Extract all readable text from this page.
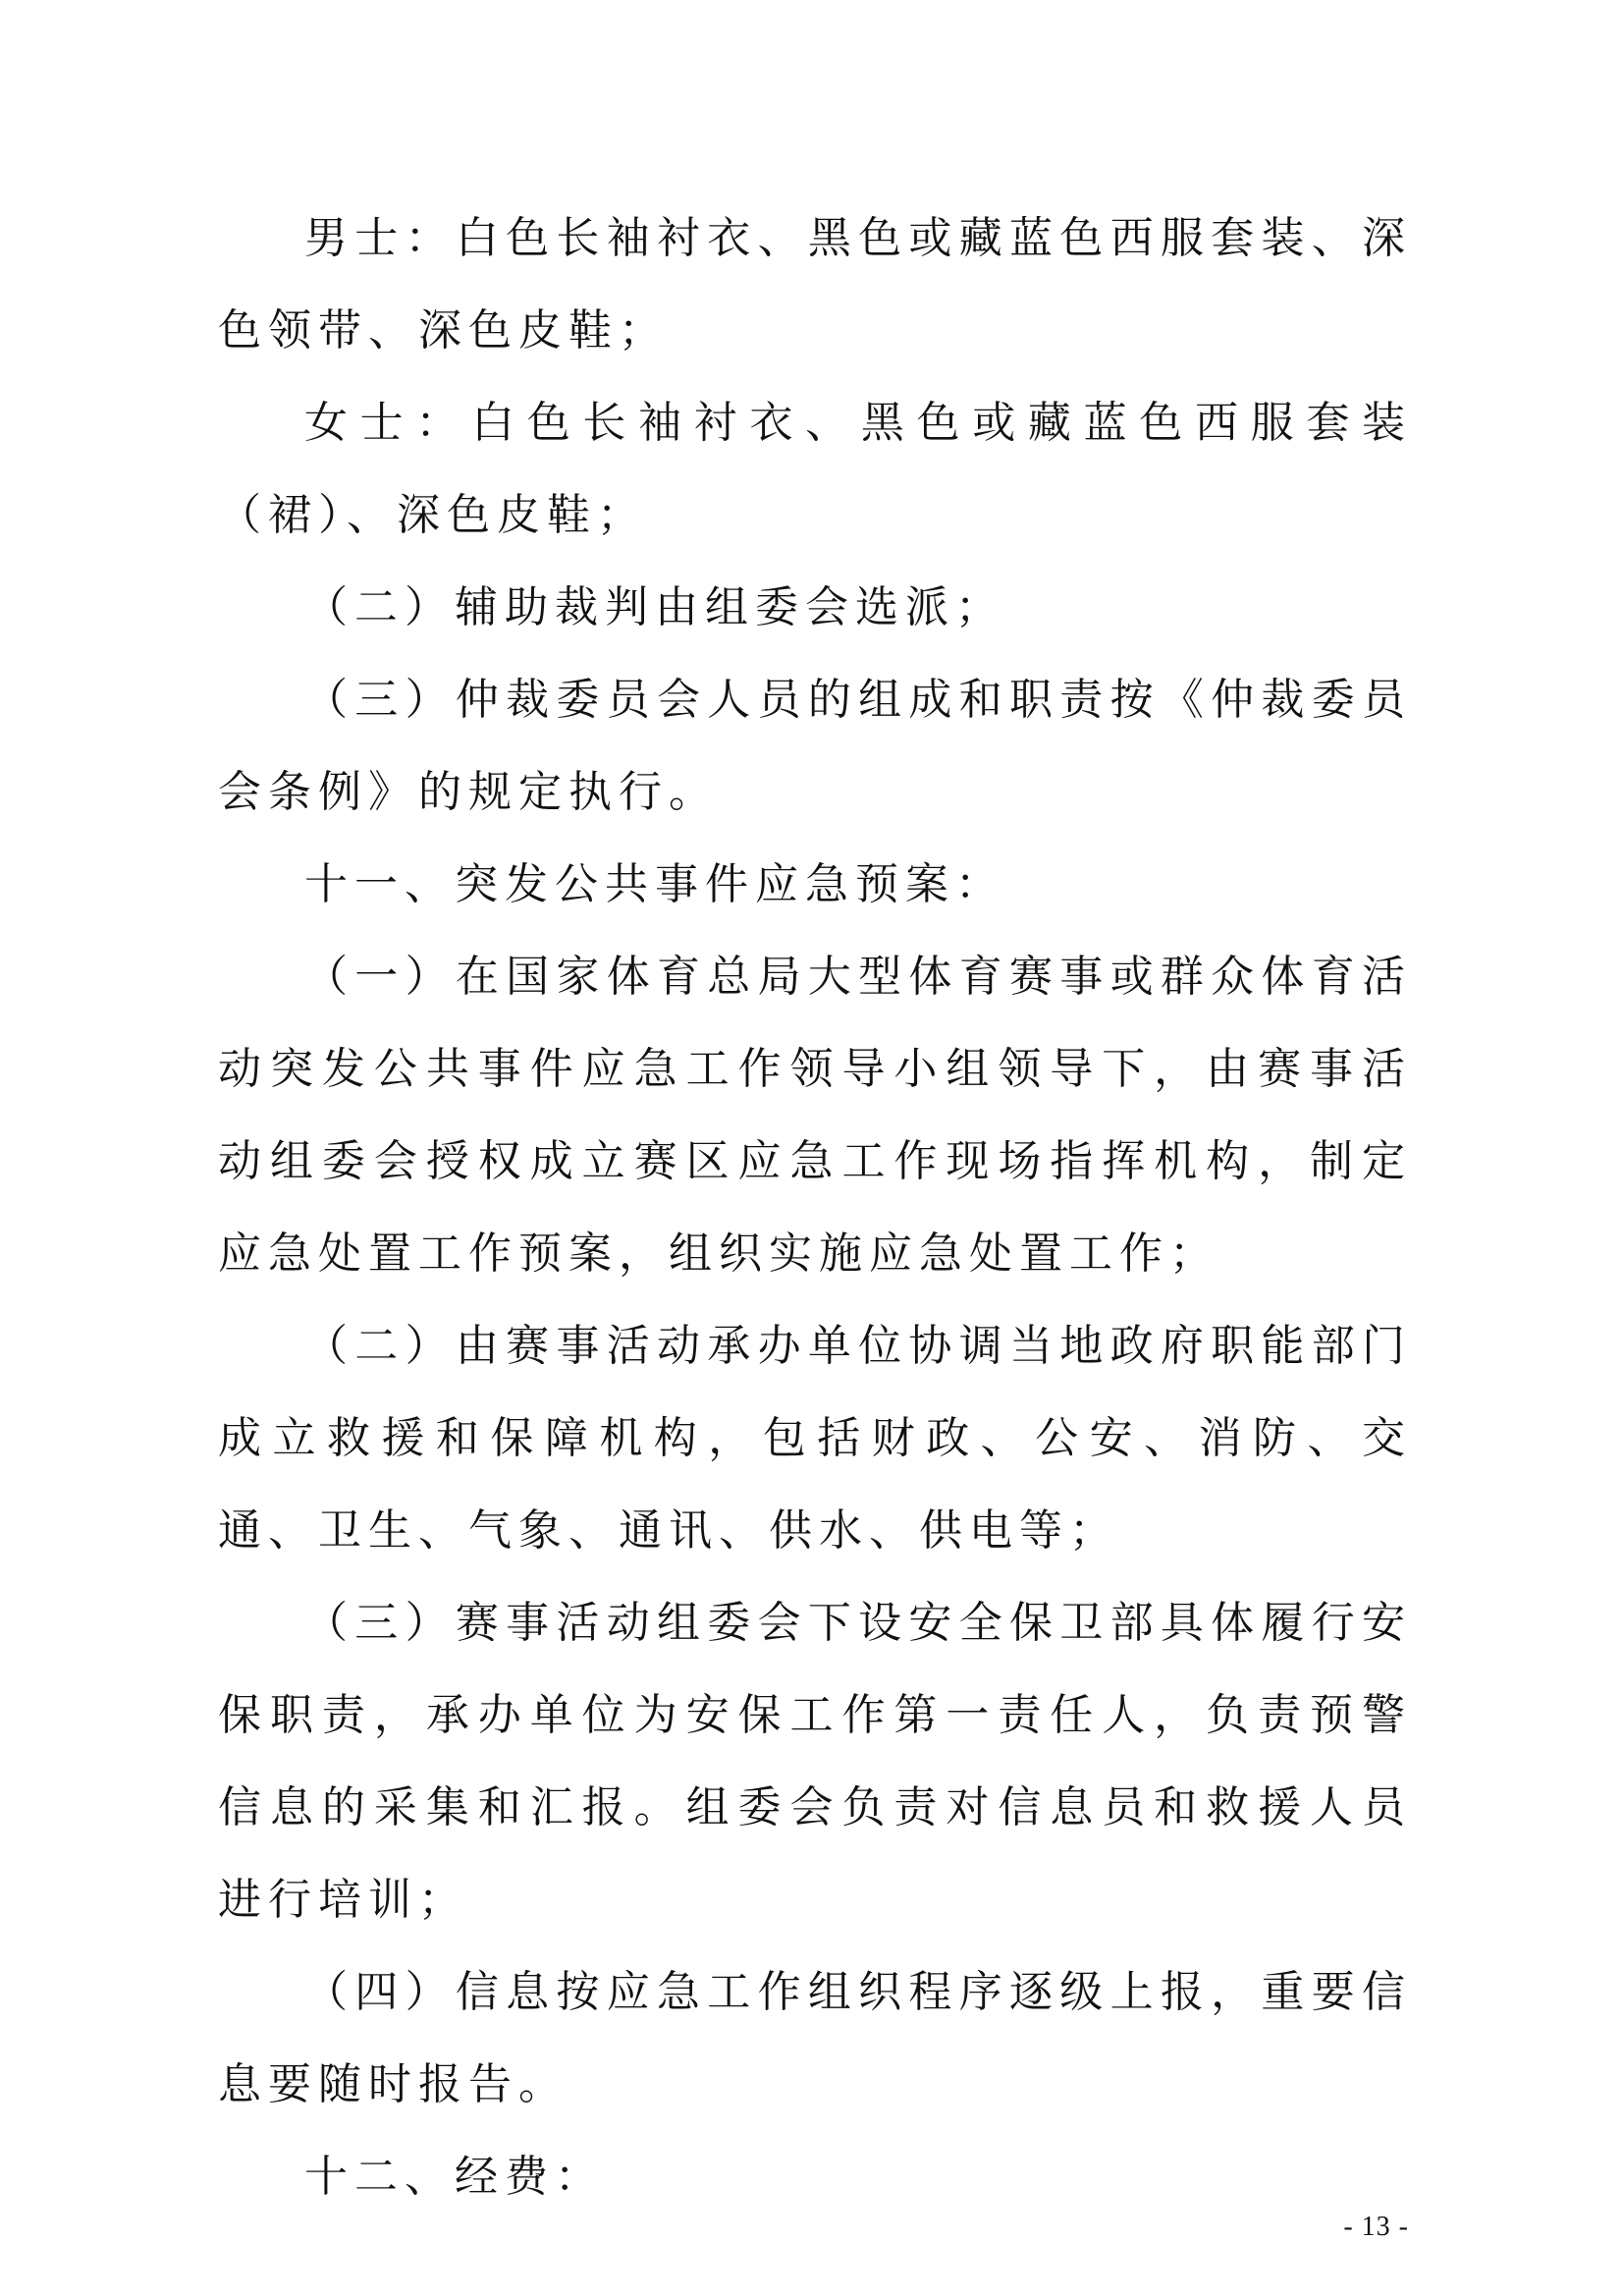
男士：白色长袖衬衣、黑色或藏蓝色西服套装、深色领带、深色皮鞋；

女士：白色长袖衬衣、黑色或藏蓝色西服套装（裙）、深色皮鞋；

（二）辅助裁判由组委会选派；

（三）仲裁委员会人员的组成和职责按《仲裁委员会条例》的规定执行。

十一、突发公共事件应急预案：

（一）在国家体育总局大型体育赛事或群众体育活动突发公共事件应急工作领导小组领导下，由赛事活动组委会授权成立赛区应急工作现场指挥机构，制定应急处置工作预案，组织实施应急处置工作；

（二）由赛事活动承办单位协调当地政府职能部门成立救援和保障机构，包括财政、公安、消防、交通、卫生、气象、通讯、供水、供电等；

（三）赛事活动组委会下设安全保卫部具体履行安保职责，承办单位为安保工作第一责任人，负责预警信息的采集和汇报。组委会负责对信息员和救援人员进行培训；

（四）信息按应急工作组织程序逐级上报，重要信息要随时报告。

十二、经费：

- 13 -
